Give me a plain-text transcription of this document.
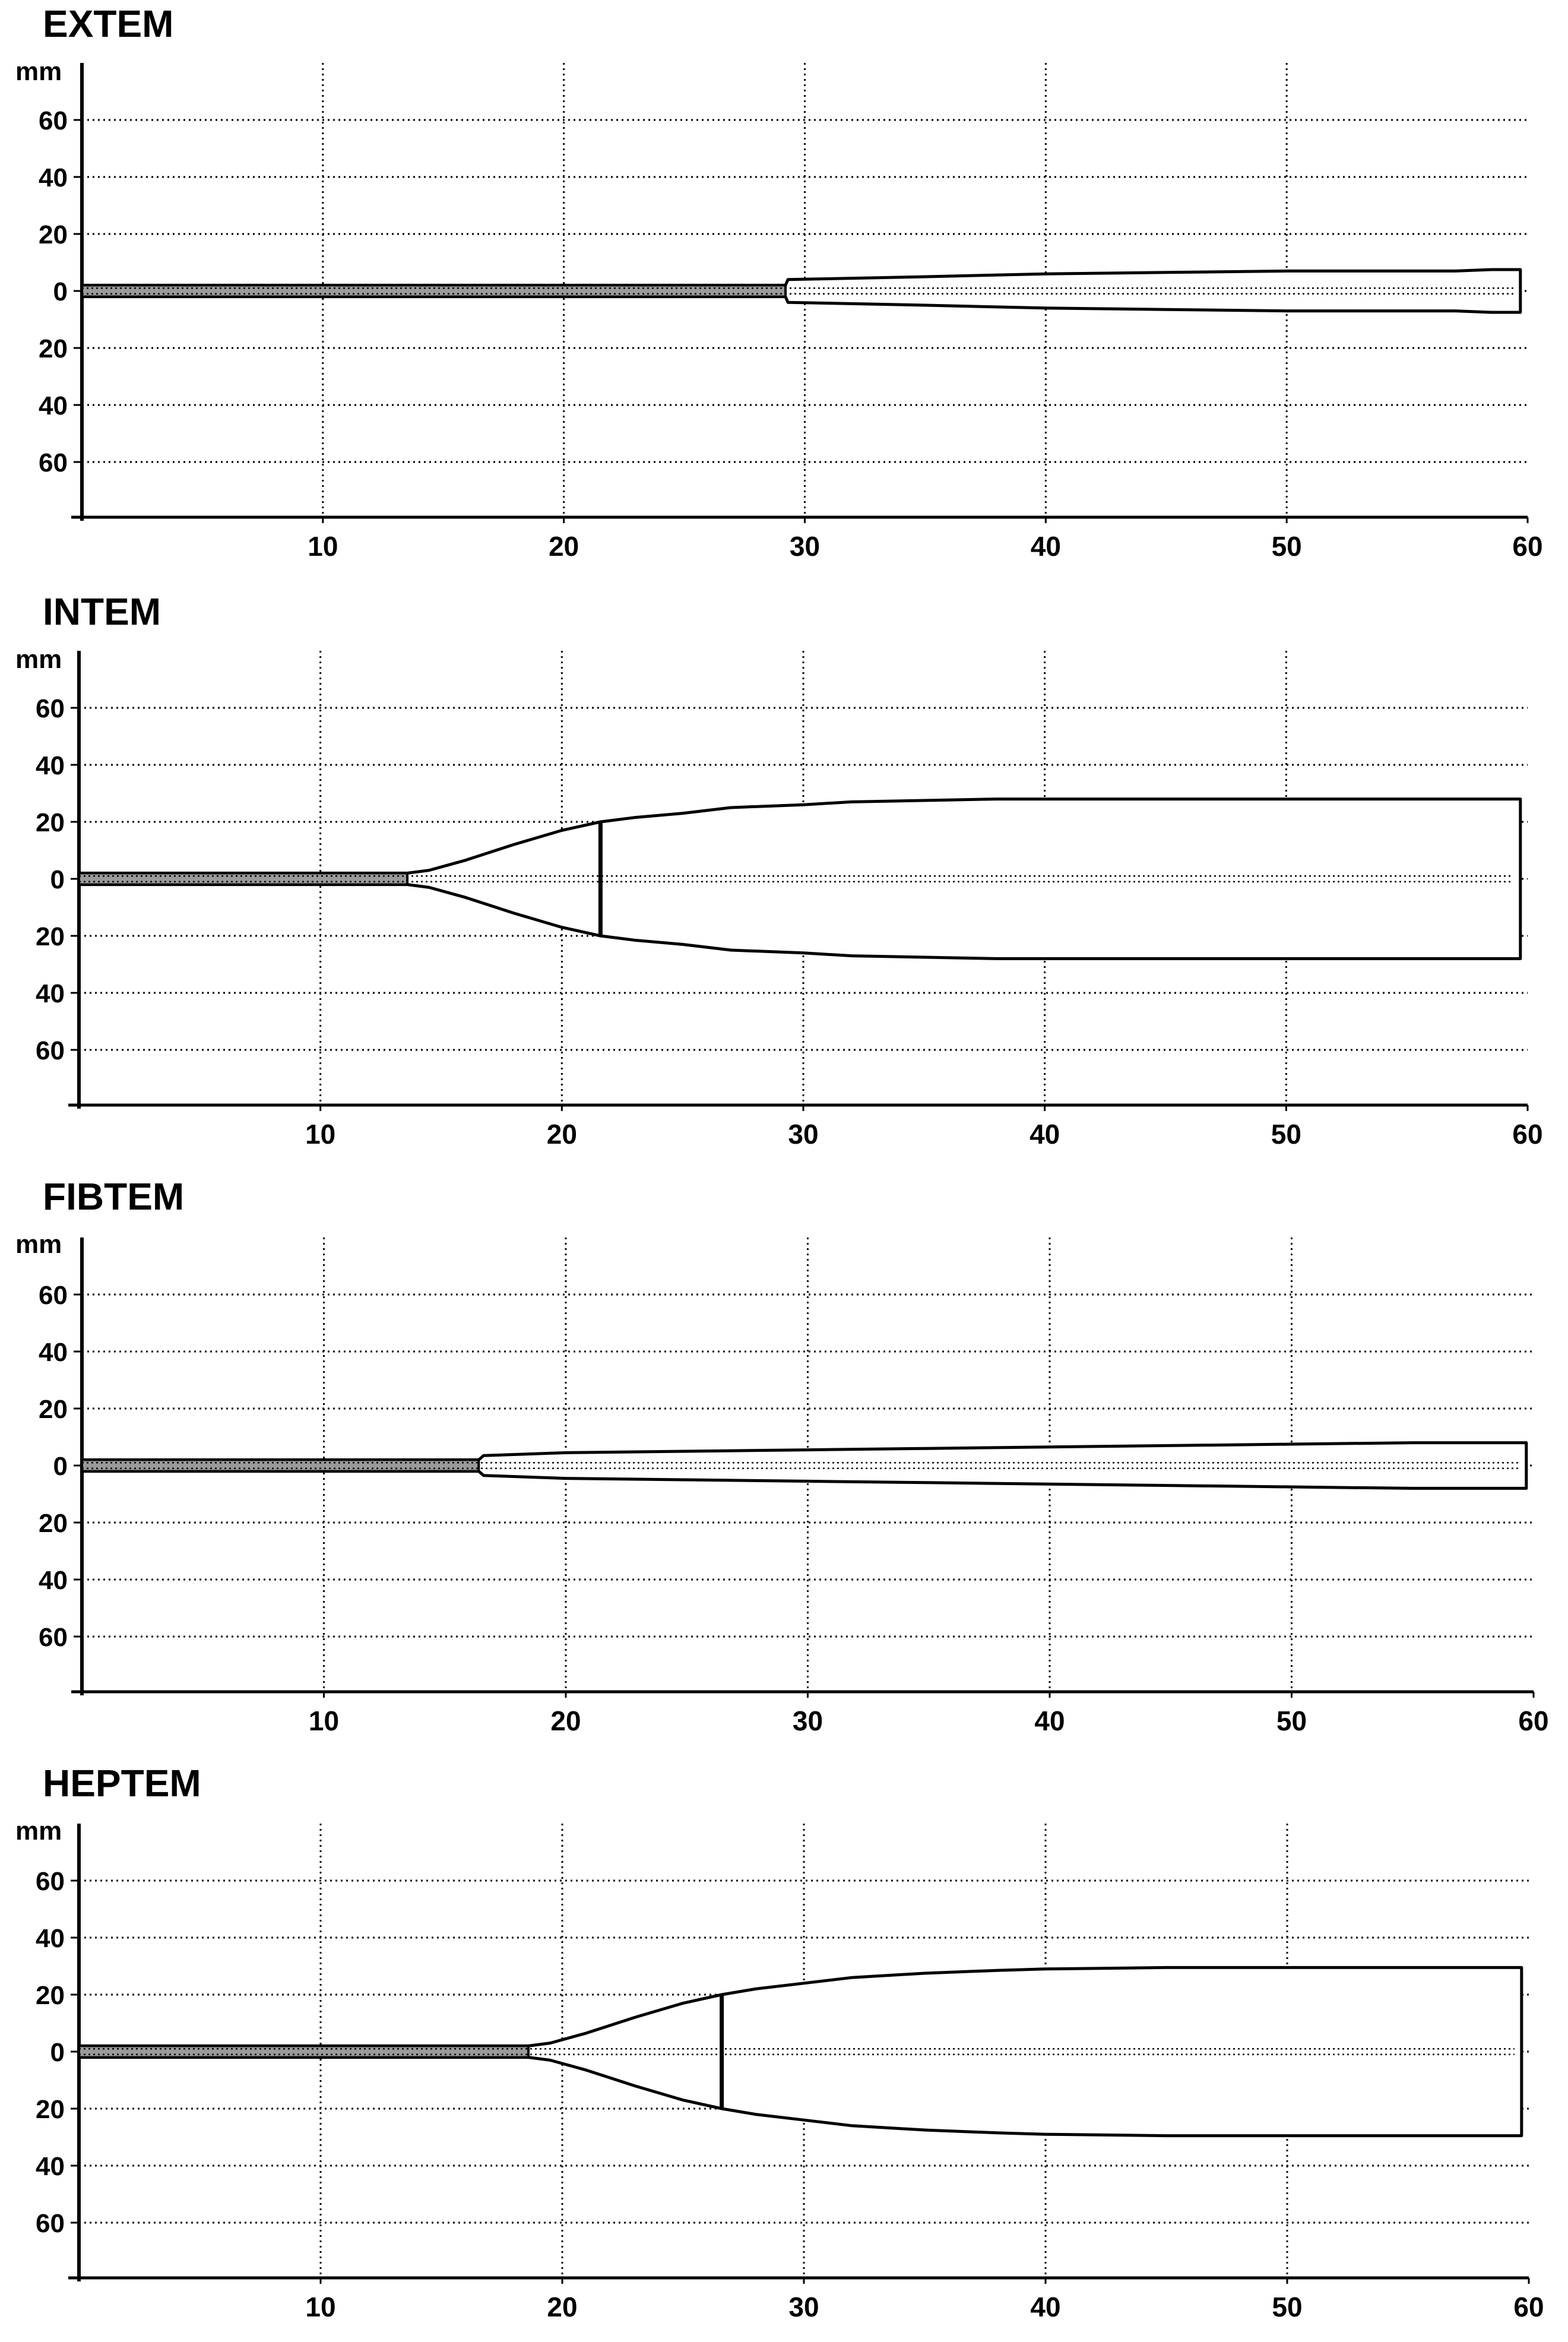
EXTEM
mm
60
40
20
0
20
40
60
10	20	30	40	50	60
INTEM
mm
60
40
20
0
20
40
60
10	20	30	40	50	60
FIBTEM
mm
60
40
20
0
20
40
60
10	20	30	40	50	60
HEPTEM
mm
60
40
20
0
20
40
60
10	20	30	40	50	60
